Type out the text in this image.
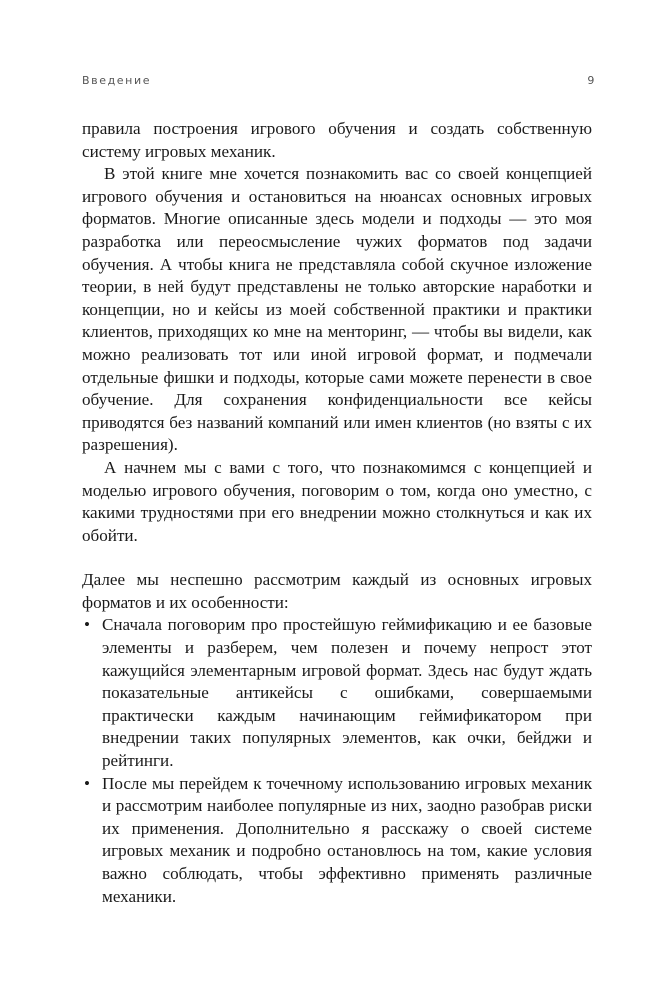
Введение	9

правила построения игрового обучения и создать собственную систему игровых механик.

В этой книге мне хочется познакомить вас со своей концепцией игрового обучения и остановиться на нюансах основных игровых форматов. Многие описанные здесь модели и подходы — это моя разработка или переосмысление чужих форматов под задачи обучения. А чтобы книга не представляла собой скучное изложение теории, в ней будут представлены не только авторские наработки и концепции, но и кейсы из моей собственной практики и практики клиентов, приходящих ко мне на менторинг, — чтобы вы видели, как можно реализовать тот или иной игровой формат, и подмечали отдельные фишки и подходы, которые сами можете перенести в свое обучение. Для сохранения конфиденциальности все кейсы приводятся без названий компаний или имен клиентов (но взяты с их разрешения).

А начнем мы с вами с того, что познакомимся с концепцией и моделью игрового обучения, поговорим о том, когда оно уместно, с какими трудностями при его внедрении можно столкнуться и как их обойти.

Далее мы неспешно рассмотрим каждый из основных игровых форматов и их особенности:

• Сначала поговорим про простейшую геймификацию и ее базовые элементы и разберем, чем полезен и почему непрост этот кажущийся элементарным игровой формат. Здесь нас будут ждать показательные антикейсы с ошибками, совершаемыми практически каждым начинающим геймификатором при внедрении таких популярных элементов, как очки, бейджи и рейтинги.
• После мы перейдем к точечному использованию игровых механик и рассмотрим наиболее популярные из них, заодно разобрав риски их применения. Дополнительно я расскажу о своей системе игровых механик и подробно остановлюсь на том, какие условия важно соблюдать, чтобы эффективно применять различные механики.
